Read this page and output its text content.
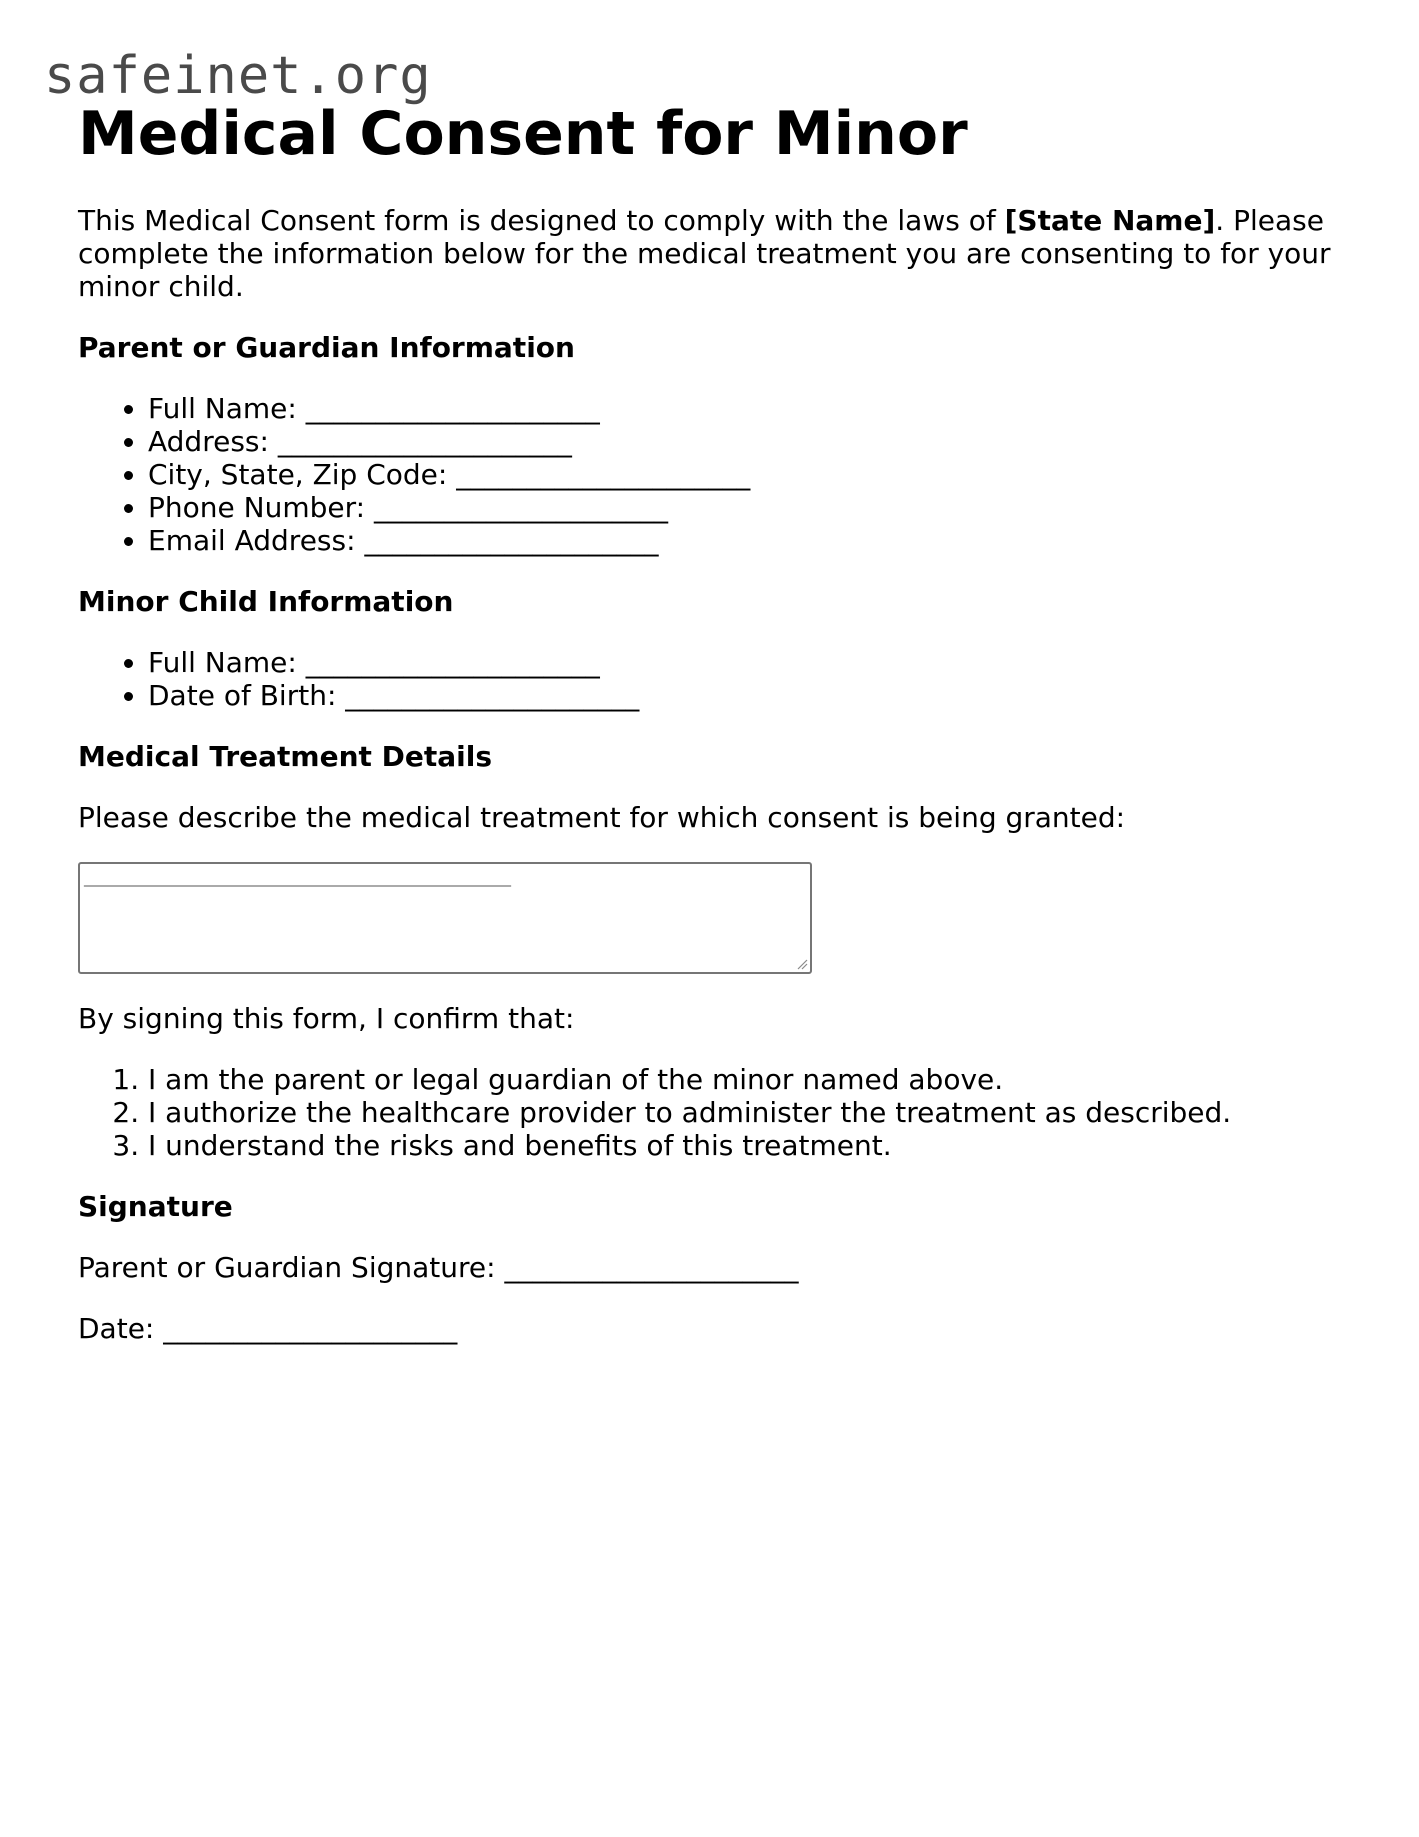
safeinet.org
Medical Consent for Minor
This Medical Consent form is designed to comply with the laws of [State Name]. Please complete the information below for the medical treatment you are consenting to for your minor child.
Parent or Guardian Information
• Full Name: _____________________
• Address: _____________________
• City, State, Zip Code: _____________________
• Phone Number: _____________________
• Email Address: _____________________
Minor Child Information
• Full Name: _____________________
• Date of Birth: _____________________
Medical Treatment Details

Please describe the medical treatment for which consent is being granted:

_____________________________________________________________

By signing this form, I confirm that:

1. I am the parent or legal guardian of the minor named above.
2. I authorize the healthcare provider to administer the treatment as described.
3. I understand the risks and benefits of this treatment.
Signature

Parent or Guardian Signature: _____________________

Date: _____________________
